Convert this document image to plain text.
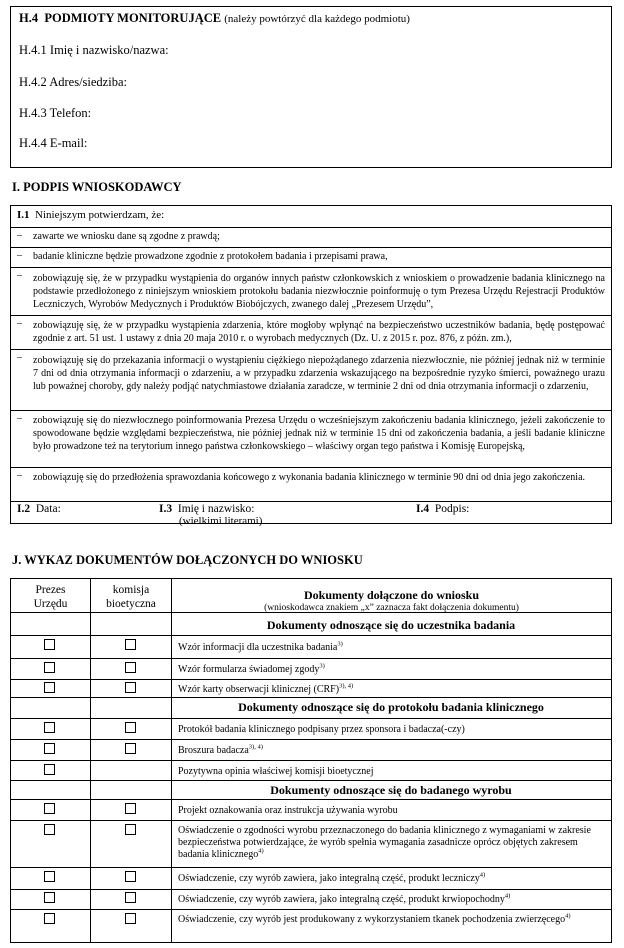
H.4 PODMIOTY MONITORUJĄCE (należy powtórzyć dla każdego podmiotu)
H.4.1 Imię i nazwisko/nazwa:
H.4.2 Adres/siedziba:
H.4.3 Telefon:
H.4.4 E-mail:
I. PODPIS WNIOSKODAWCY
I.1 Niniejszym potwierdzam, że:
– zawarte we wniosku dane są zgodne z prawdą;
– badanie kliniczne będzie prowadzone zgodnie z protokołem badania i przepisami prawa,
– zobowiązuję się, że w przypadku wystąpienia do organów innych państw członkowskich z wnioskiem o prowadzenie badania klinicznego na podstawie przedłożonego z niniejszym wnioskiem protokołu badania niezwłocznie poinformuję o tym Prezesa Urzędu Rejestracji Produktów Leczniczych, Wyrobów Medycznych i Produktów Biobójczych, zwanego dalej „Prezesem Urzędu”,
– zobowiązuję się, że w przypadku wystąpienia zdarzenia, które mogłoby wpłynąć na bezpieczeństwo uczestników badania, będę postępować zgodnie z art. 51 ust. 1 ustawy z dnia 20 maja 2010 r. o wyrobach medycznych (Dz. U. z 2015 r. poz. 876, z późn. zm.),
– zobowiązuję się do przekazania informacji o wystąpieniu ciężkiego niepożądanego zdarzenia niezwłocznie, nie później jednak niż w terminie 7 dni od dnia otrzymania informacji o zdarzeniu, a w przypadku zdarzenia wskazującego na bezpośrednie ryzyko śmierci, poważnego urazu lub poważnej choroby, gdy należy podjąć natychmiastowe działania zaradcze, w terminie 2 dni od dnia otrzymania informacji o zdarzeniu,
– zobowiązuję się do niezwłocznego poinformowania Prezesa Urzędu o wcześniejszym zakończeniu badania klinicznego, jeżeli zakończenie to spowodowane będzie względami bezpieczeństwa, nie później jednak niż w terminie 15 dni od zakończenia badania, a jeśli badanie kliniczne było prowadzone też na terytorium innego państwa członkowskiego – właściwy organ tego państwa i Komisję Europejską,
– zobowiązuję się do przedłożenia sprawozdania końcowego z wykonania badania klinicznego w terminie 90 dni od dnia jego zakończenia.
I.2 Data:	I.3 Imię i nazwisko:
(wielkimi literami)
I.4 Podpis:
J. WYKAZ DOKUMENTÓW DOŁĄCZONYCH DO WNIOSKU
Prezes
Urzędu
komisja
bioetyczna
Dokumenty dołączone do wniosku
(wnioskodawca znakiem „x” zaznacza fakt dołączenia dokumentu)
Dokumenty odnoszące się do uczestnika badania
Dokumenty odnoszące się do protokołu badania klinicznego
Dokumenty odnoszące się do badanego wyrobu
Wzór informacji dla uczestnika badania$^{3)}$
Wzór formularza świadomej zgody$^{3)}$
Wzór karty obserwacji klinicznej (CRF)$^{3), 4)}$
Protokół badania klinicznego podpisany przez sponsora i badacza(-czy)
Broszura badacza$^{3), 4)}$
Pozytywna opinia właściwej komisji bioetycznej
Projekt oznakowania oraz instrukcja używania wyrobu
Oświadczenie o zgodności wyrobu przeznaczonego do badania klinicznego z wymaganiami w zakresie bezpieczeństwa potwierdzające, że wyrób spełnia wymagania zasadnicze oprócz objętych zakresem badania klinicznego$^{4)}$
Oświadczenie, czy wyrób zawiera, jako integralną część, produkt leczniczy$^{4)}$
Oświadczenie, czy wyrób zawiera, jako integralną część, produkt krwiopochodny$^{4)}$
Oświadczenie, czy wyrób jest produkowany z wykorzystaniem tkanek pochodzenia zwierzęcego$^{4)}$
